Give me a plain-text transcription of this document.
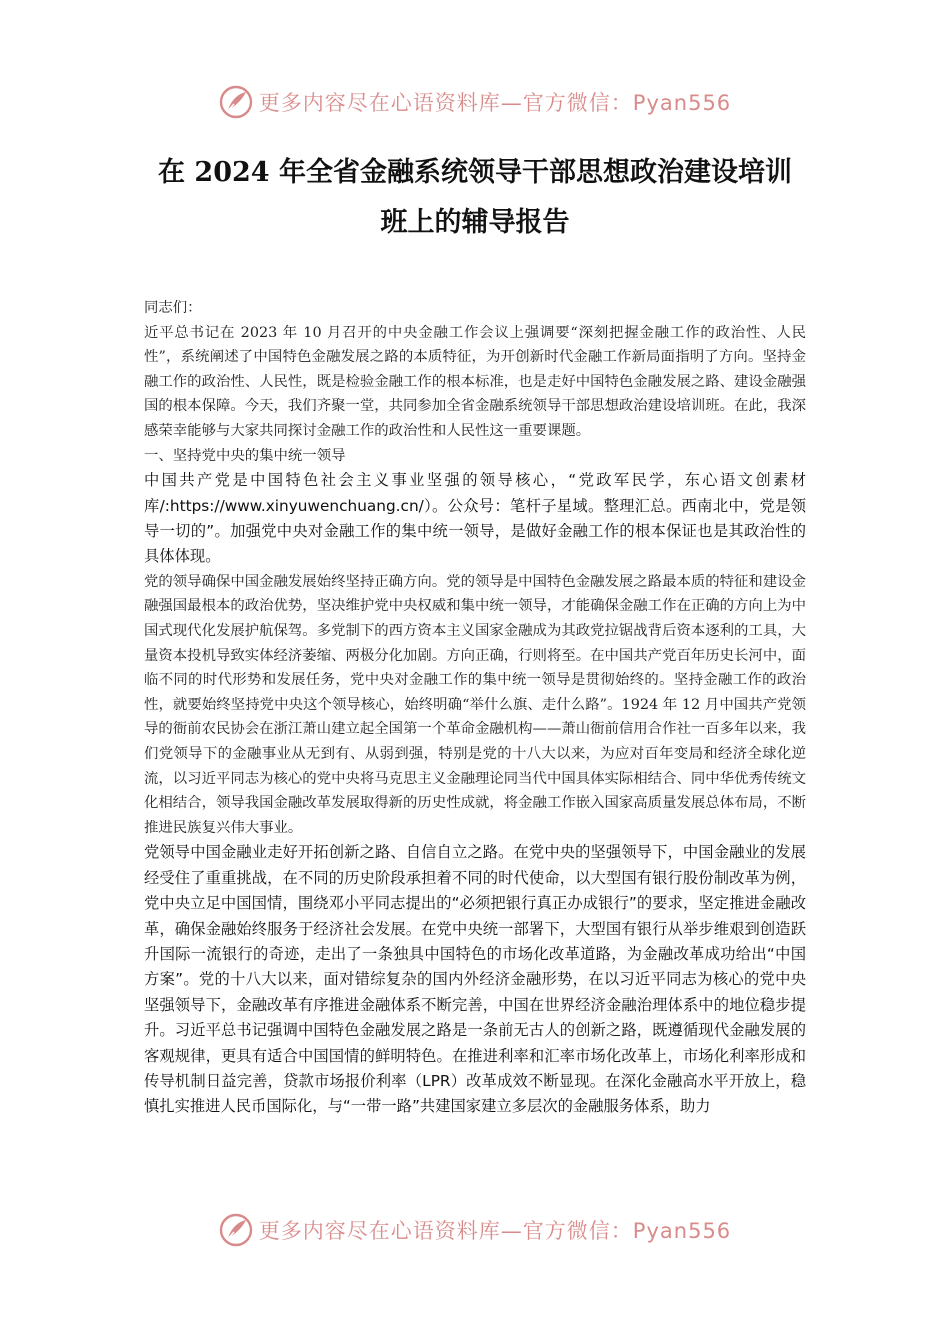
更多内容尽在心语资料库—官方微信：Pyan556
在 2024 年全省金融系统领导干部思想政治建设培训
班上的辅导报告

同志们：

近平总书记在 2023 年 10 月召开的中央金融工作会议上强调要“深刻把握金融工作的政治性、人民性”，系统阐述了中国特色金融发展之路的本质特征，为开创新时代金融工作新局面指明了方向。坚持金融工作的政治性、人民性，既是检验金融工作的根本标准，也是走好中国特色金融发展之路、建设金融强国的根本保障。今天，我们齐聚一堂，共同参加全省金融系统领导干部思想政治建设培训班。在此，我深感荣幸能够与大家共同探讨金融工作的政治性和人民性这一重要课题。

一、坚持党中央的集中统一领导

中国共产党是中国特色社会主义事业坚强的领导核心，“党政军民学，东心语文创素材库/:https://www.xinyuwenchuang.cn/）。公众号：笔杆子星域。整理汇总。西南北中，党是领导一切的”。加强党中央对金融工作的集中统一领导，是做好金融工作的根本保证也是其政治性的具体体现。

党的领导确保中国金融发展始终坚持正确方向。党的领导是中国特色金融发展之路最本质的特征和建设金融强国最根本的政治优势，坚决维护党中央权威和集中统一领导，才能确保金融工作在正确的方向上为中国式现代化发展护航保驾。多党制下的西方资本主义国家金融成为其政党拉锯战背后资本逐利的工具，大量资本投机导致实体经济萎缩、两极分化加剧。方向正确，行则将至。在中国共产党百年历史长河中，面临不同的时代形势和发展任务，党中央对金融工作的集中统一领导是贯彻始终的。坚持金融工作的政治性，就要始终坚持党中央这个领导核心，始终明确“举什么旗、走什么路”。1924 年 12 月中国共产党领导的衙前农民协会在浙江萧山建立起全国第一个革命金融机构——萧山衙前信用合作社一百多年以来，我们党领导下的金融事业从无到有、从弱到强，特别是党的十八大以来，为应对百年变局和经济全球化逆流，以习近平同志为核心的党中央将马克思主义金融理论同当代中国具体实际相结合、同中华优秀传统文化相结合，领导我国金融改革发展取得新的历史性成就，将金融工作嵌入国家高质量发展总体布局，不断推进民族复兴伟大事业。

党领导中国金融业走好开拓创新之路、自信自立之路。在党中央的坚强领导下，中国金融业的发展经受住了重重挑战，在不同的历史阶段承担着不同的时代使命，以大型国有银行股份制改革为例，党中央立足中国国情，围绕邓小平同志提出的“必须把银行真正办成银行”的要求，坚定推进金融改革，确保金融始终服务于经济社会发展。在党中央统一部署下，大型国有银行从举步维艰到创造跃升国际一流银行的奇迹，走出了一条独具中国特色的市场化改革道路，为金融改革成功给出“中国方案”。党的十八大以来，面对错综复杂的国内外经济金融形势，在以习近平同志为核心的党中央坚强领导下，金融改革有序推进金融体系不断完善，中国在世界经济金融治理体系中的地位稳步提升。习近平总书记强调中国特色金融发展之路是一条前无古人的创新之路，既遵循现代金融发展的客观规律，更具有适合中国国情的鲜明特色。在推进利率和汇率市场化改革上，市场化利率形成和传导机制日益完善，贷款市场报价利率（LPR）改革成效不断显现。在深化金融高水平开放上，稳慎扎实推进人民币国际化，与“一带一路”共建国家建立多层次的金融服务体系，助力

更多内容尽在心语资料库—官方微信：Pyan556
